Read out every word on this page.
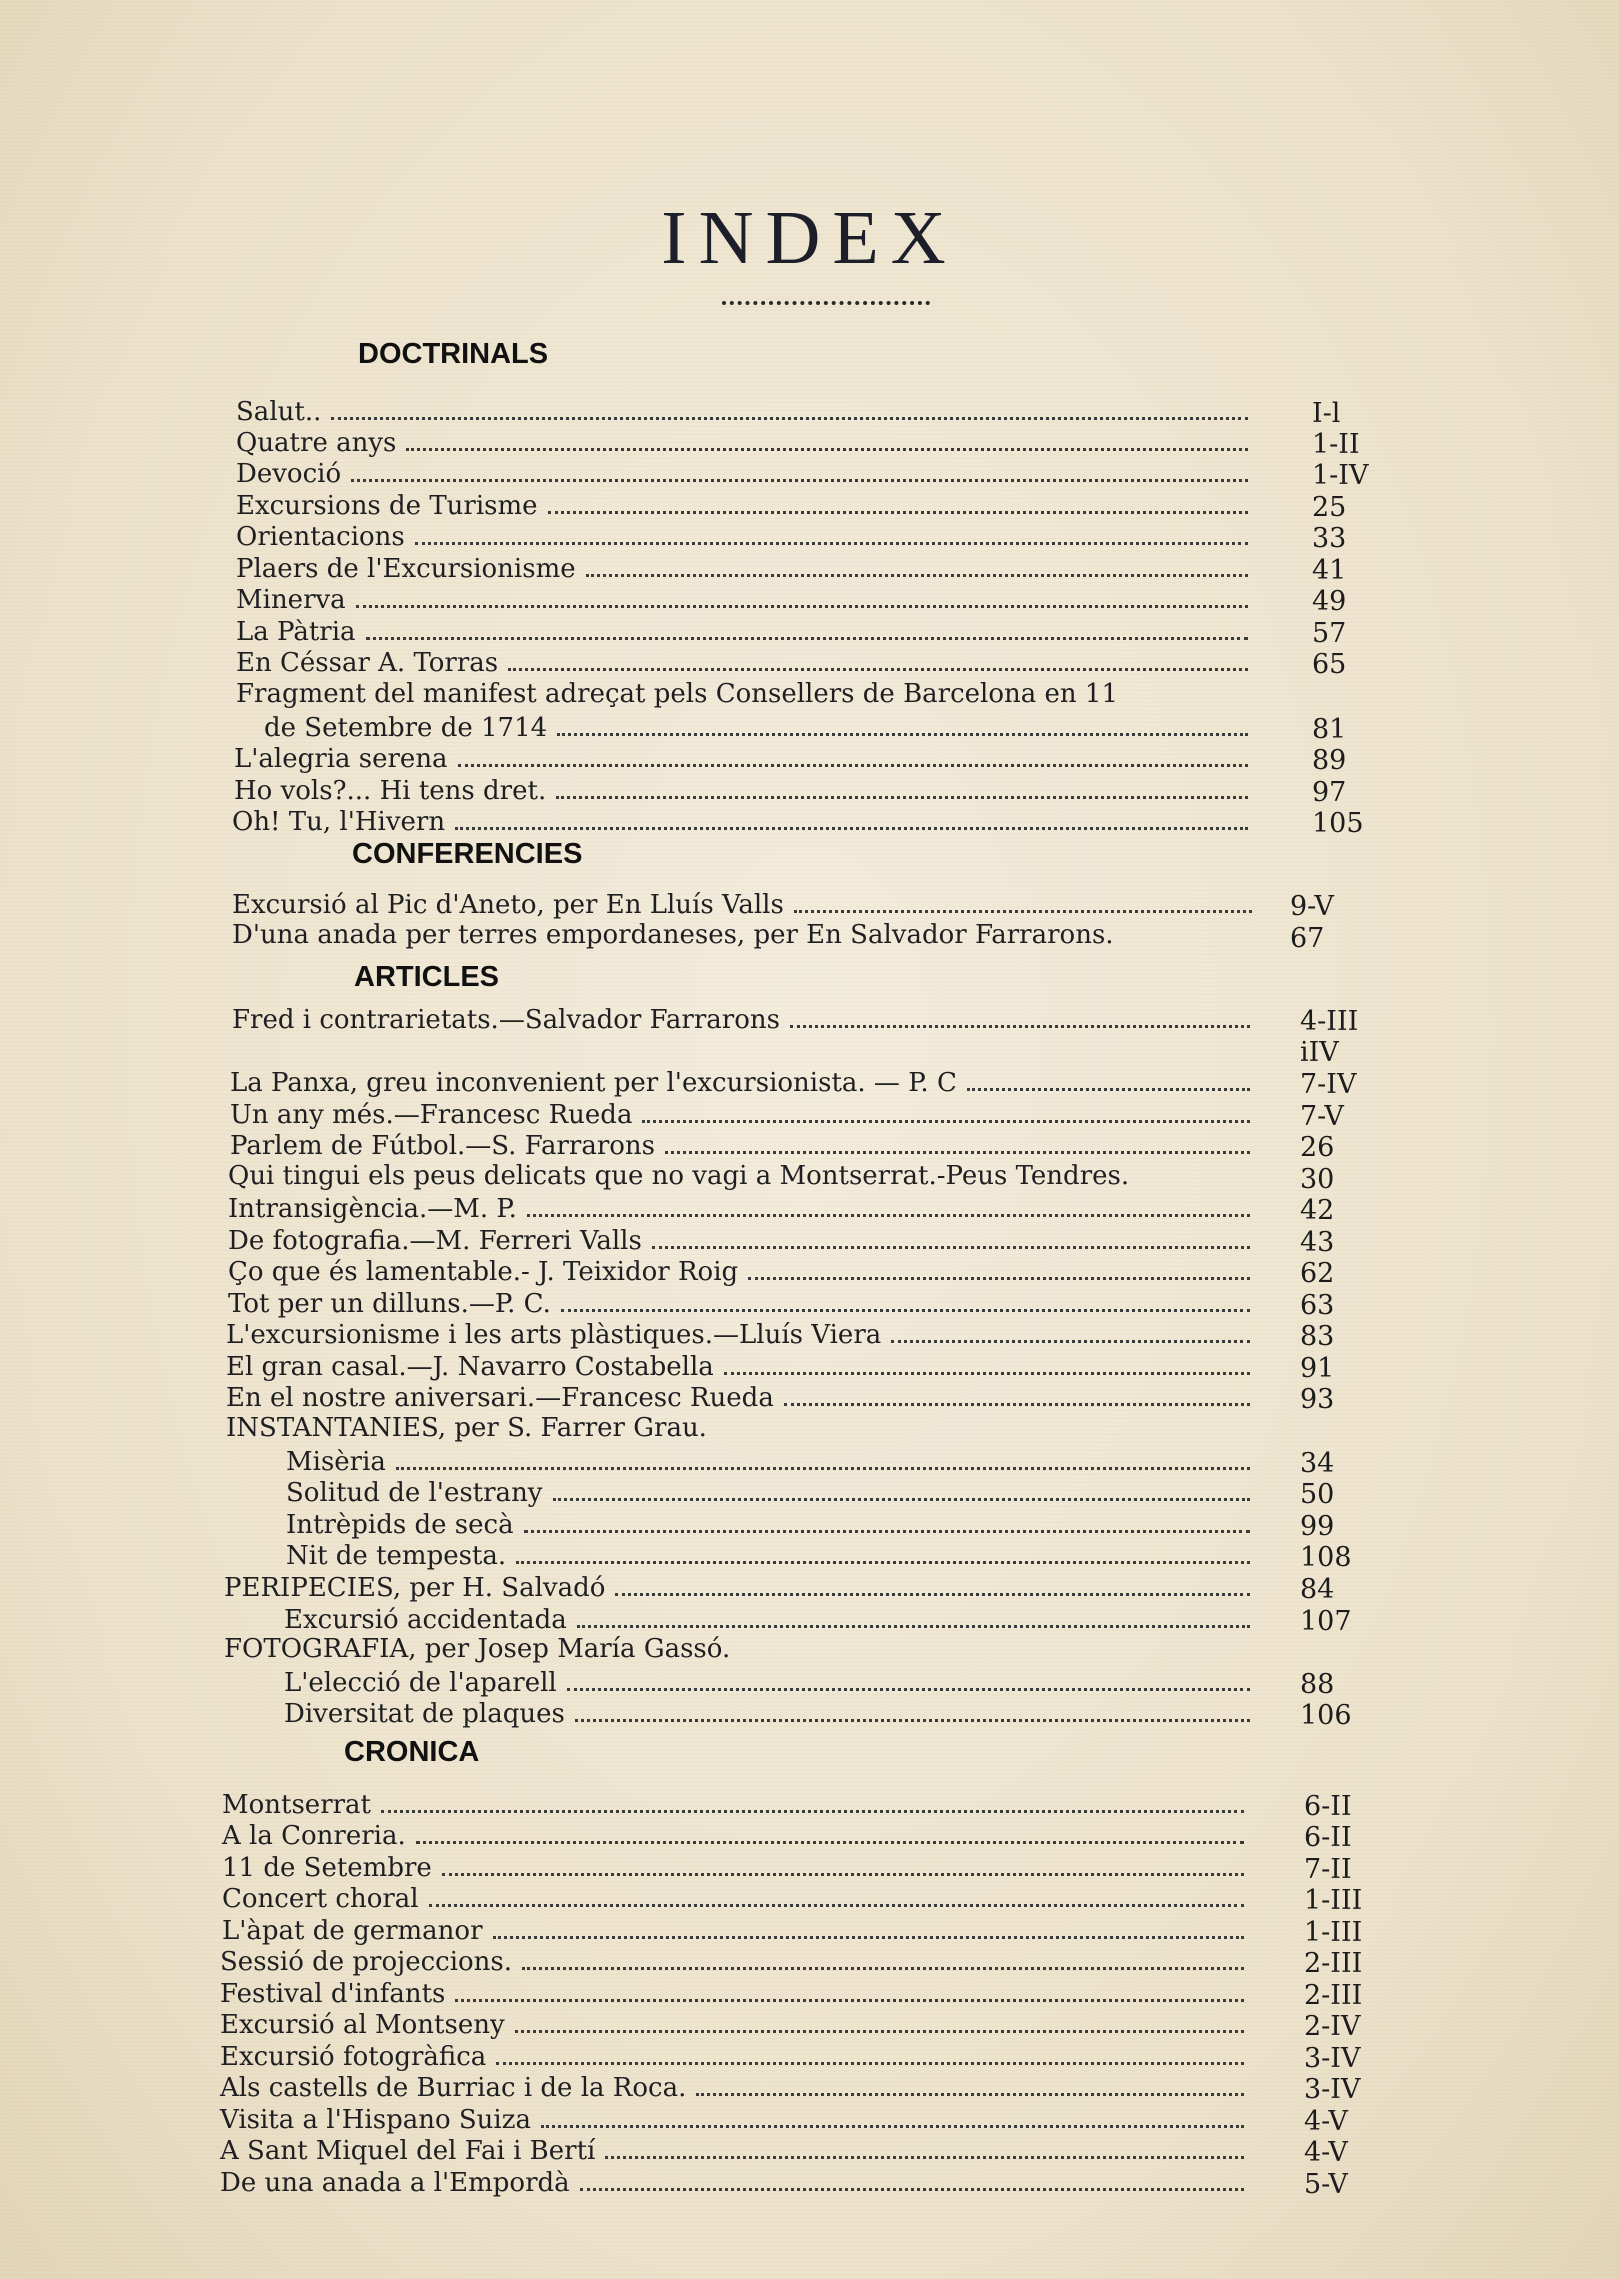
INDEX
DOCTRINALS
Salut..	I-l
Quatre anys	1-II
Devoció	1-IV
Excursions de Turisme	25
Orientacions	33
Plaers de l'Excursionisme	41
Minerva	49
La Pàtria	57
En Céssar A. Torras	65
Fragment del manifest adreçat pels Consellers de Barcelona en 11
de Setembre de 1714	81
L'alegria serena	89
Ho vols?... Hi tens dret.	97
Oh! Tu, l'Hivern	105
CONFERENCIES
Excursió al Pic d'Aneto, per En Lluís Valls	9-V
D'una anada per terres empordaneses, per En Salvador Farrarons.	67
ARTICLES
Fred i contrarietats.—Salvador Farrarons	4-III
iIV
La Panxa, greu inconvenient per l'excursionista. — P. C	7-IV
Un any més.—Francesc Rueda	7-V
Parlem de Fútbol.—S. Farrarons	26
Qui tingui els peus delicats que no vagi a Montserrat.-Peus Tendres.	30
Intransigència.—M. P.	42
De fotografia.—M. Ferreri Valls	43
Ço que és lamentable.- J. Teixidor Roig	62
Tot per un dilluns.—P. C.	63
L'excursionisme i les arts plàstiques.—Lluís Viera	83
El gran casal.—J. Navarro Costabella	91
En el nostre aniversari.—Francesc Rueda	93
INSTANTANIES, per S. Farrer Grau.
Misèria	34
Solitud de l'estrany	50
Intrèpids de secà	99
Nit de tempesta.	108
PERIPECIES, per H. Salvadó	84
Excursió accidentada	107
FOTOGRAFIA, per Josep María Gassó.
L'elecció de l'aparell	88
Diversitat de plaques	106
CRONICA
Montserrat	6-II
A la Conreria.	6-II
11 de Setembre	7-II
Concert choral	1-III
L'àpat de germanor	1-III
Sessió de projeccions.	2-III
Festival d'infants	2-III
Excursió al Montseny	2-IV
Excursió fotogràfica	3-IV
Als castells de Burriac i de la Roca.	3-IV
Visita a l'Hispano Suiza	4-V
A Sant Miquel del Fai i Bertí	4-V
De una anada a l'Empordà	5-V
